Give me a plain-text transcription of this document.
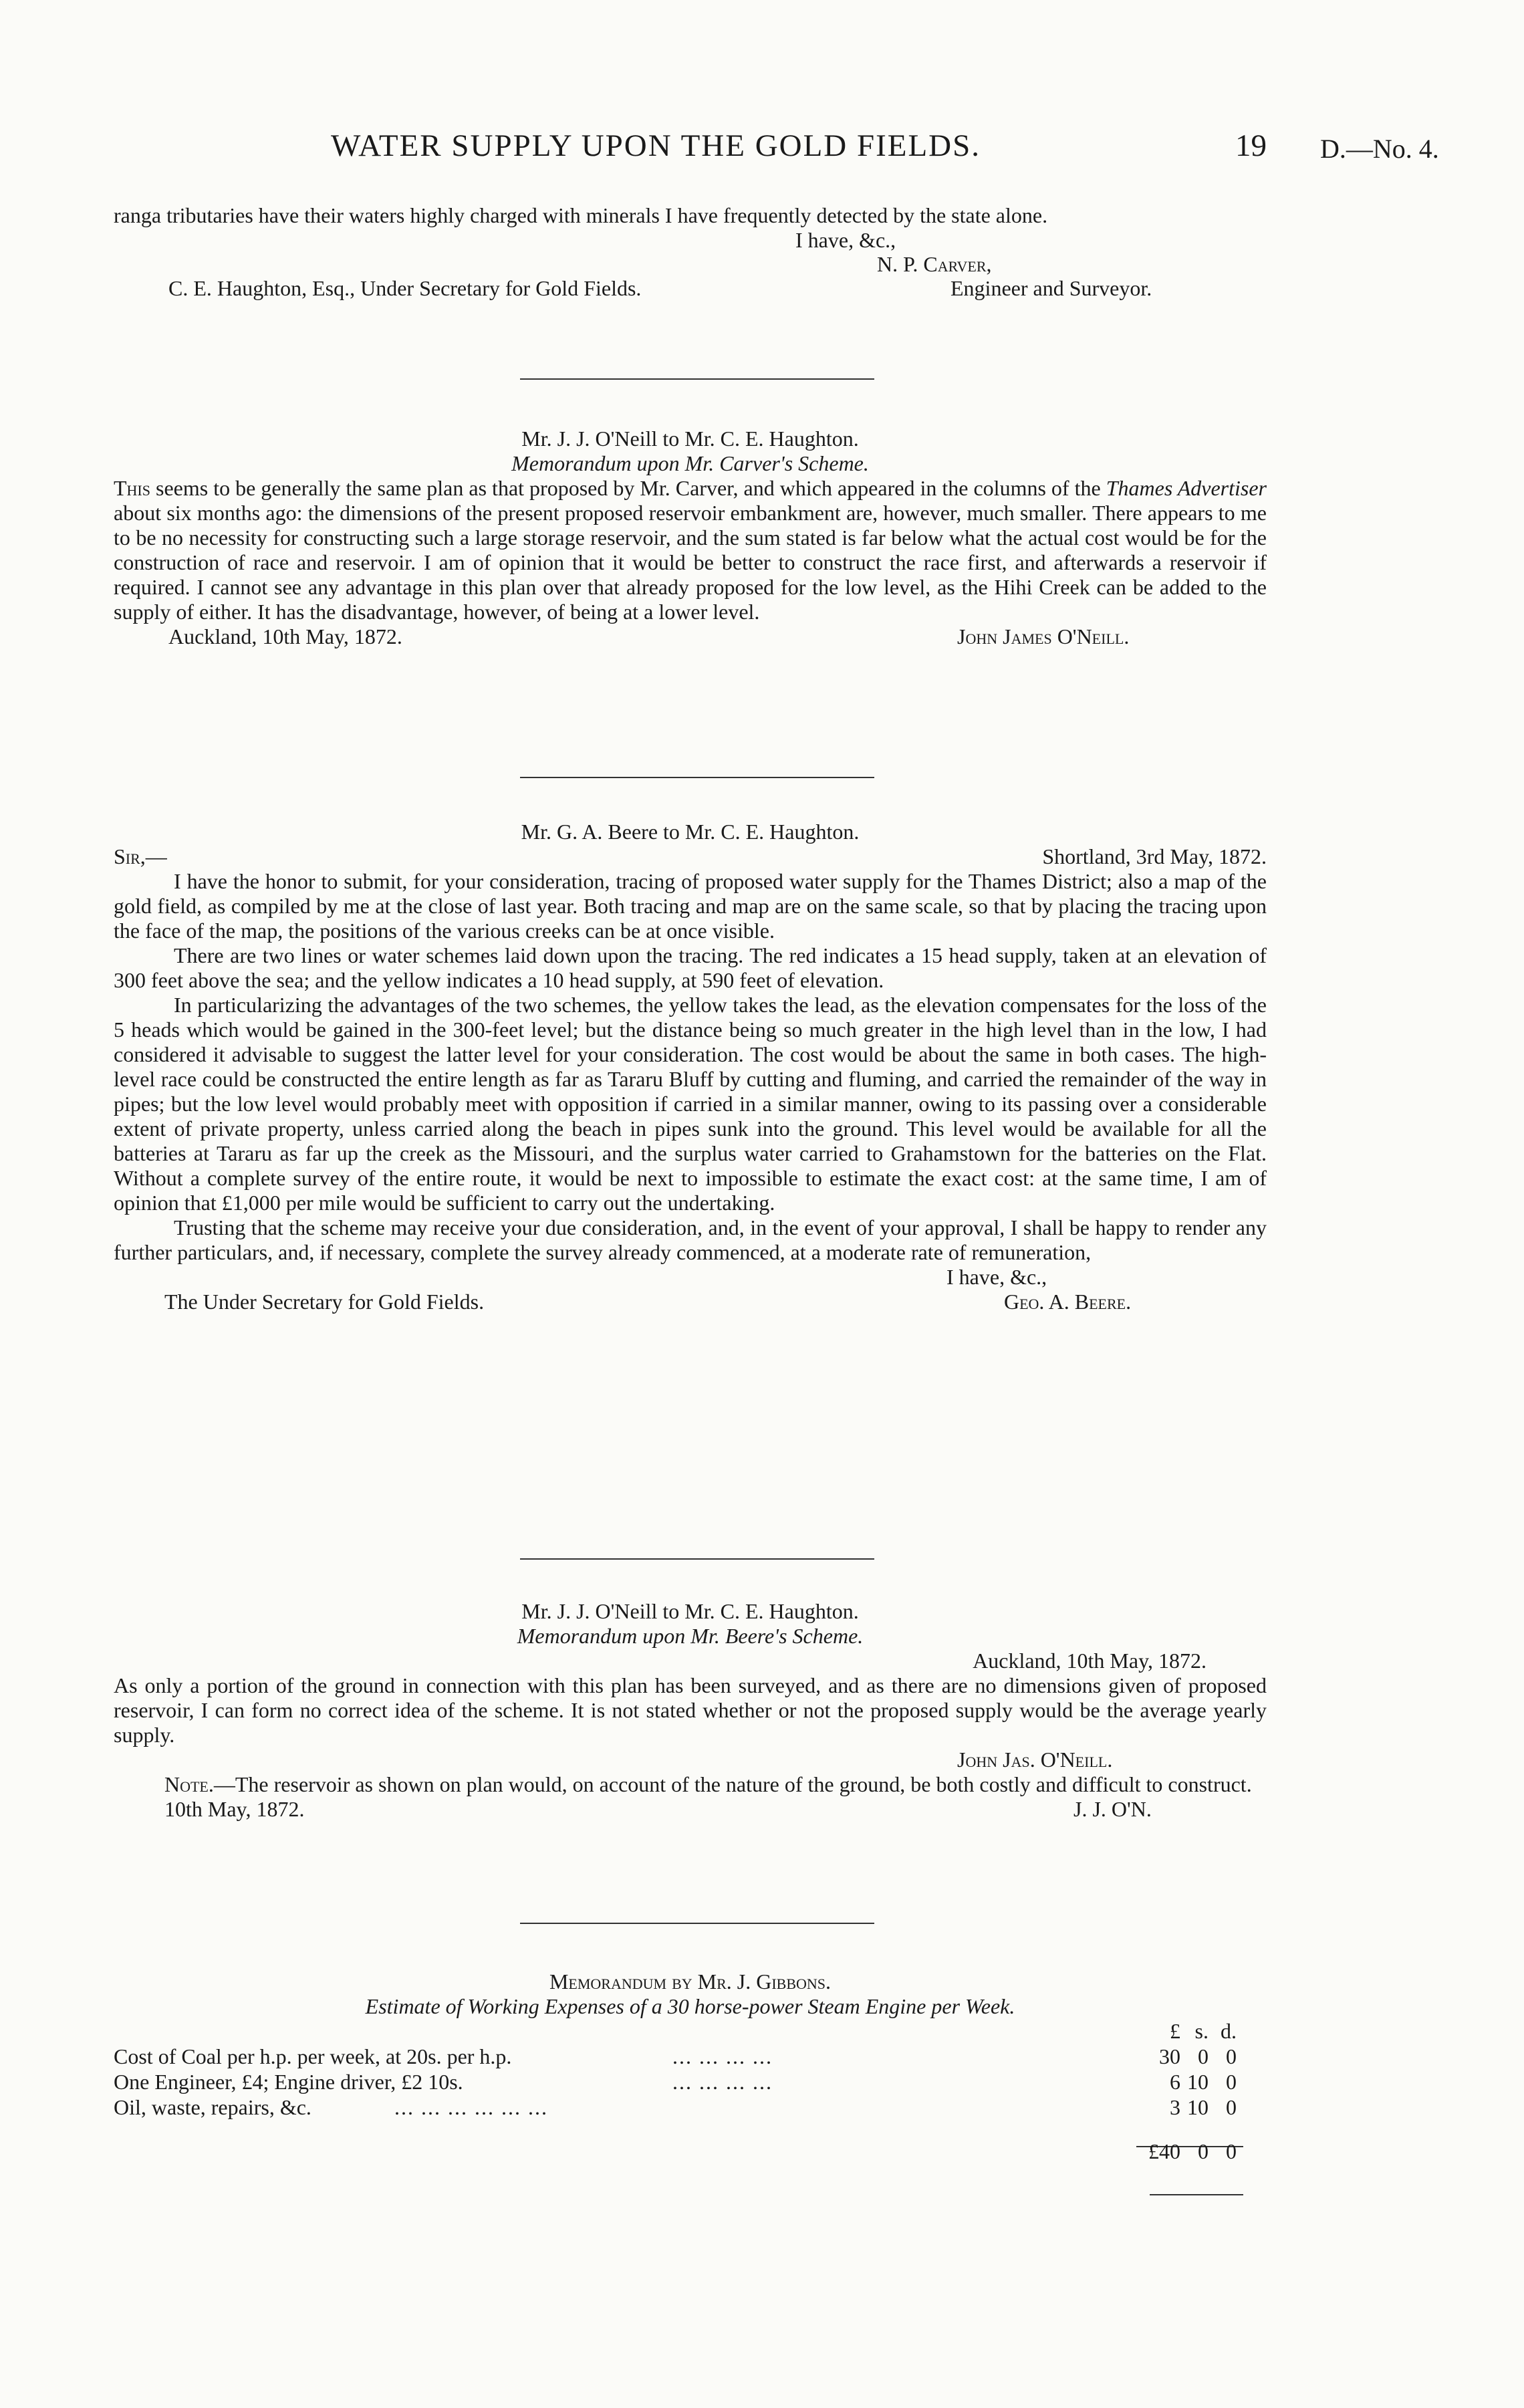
WATER SUPPLY UPON THE GOLD FIELDS.	19 D.—No. 4.

ranga tributaries have their waters highly charged with minerals I have frequently detected by the state alone.

I have, &c.,
N. P. Carver,
C. E. Haughton, Esq., Under Secretary for Gold Fields.	Engineer and Surveyor.
Mr. J. J. O'Neill to Mr. C. E. Haughton.
Memorandum upon Mr. Carver's Scheme.

This seems to be generally the same plan as that proposed by Mr. Carver, and which appeared in the columns of the Thames Advertiser about six months ago: the dimensions of the present proposed reservoir embankment are, however, much smaller. There appears to me to be no necessity for constructing such a large storage reservoir, and the sum stated is far below what the actual cost would be for the construction of race and reservoir. I am of opinion that it would be better to construct the race first, and afterwards a reservoir if required. I cannot see any advantage in this plan over that already proposed for the low level, as the Hihi Creek can be added to the supply of either. It has the disadvantage, however, of being at a lower level.

Auckland, 10th May, 1872.	John James O'Neill.
Mr. G. A. Beere to Mr. C. E. Haughton.
Sir,—	Shortland, 3rd May, 1872.

I have the honor to submit, for your consideration, tracing of proposed water supply for the Thames District; also a map of the gold field, as compiled by me at the close of last year. Both tracing and map are on the same scale, so that by placing the tracing upon the face of the map, the positions of the various creeks can be at once visible.

There are two lines or water schemes laid down upon the tracing. The red indicates a 15 head supply, taken at an elevation of 300 feet above the sea; and the yellow indicates a 10 head supply, at 590 feet of elevation.

In particularizing the advantages of the two schemes, the yellow takes the lead, as the elevation compensates for the loss of the 5 heads which would be gained in the 300-feet level; but the distance being so much greater in the high level than in the low, I had considered it advisable to suggest the latter level for your consideration. The cost would be about the same in both cases. The high-level race could be constructed the entire length as far as Tararu Bluff by cutting and fluming, and carried the remainder of the way in pipes; but the low level would probably meet with opposition if carried in a similar manner, owing to its passing over a considerable extent of private property, unless carried along the beach in pipes sunk into the ground. This level would be available for all the batteries at Tararu as far up the creek as the Missouri, and the surplus water carried to Grahamstown for the batteries on the Flat. Without a complete survey of the entire route, it would be next to impossible to estimate the exact cost: at the same time, I am of opinion that £1,000 per mile would be sufficient to carry out the undertaking.

Trusting that the scheme may receive your due consideration, and, in the event of your approval, I shall be happy to render any further particulars, and, if necessary, complete the survey already commenced, at a moderate rate of remuneration,

I have, &c.,
The Under Secretary for Gold Fields.	Geo. A. Beere.
Mr. J. J. O'Neill to Mr. C. E. Haughton.
Memorandum upon Mr. Beere's Scheme.
Auckland, 10th May, 1872.

As only a portion of the ground in connection with this plan has been surveyed, and as there are no dimensions given of proposed reservoir, I can form no correct idea of the scheme. It is not stated whether or not the proposed supply would be the average yearly supply.

John Jas. O'Neill.

Note.—The reservoir as shown on plan would, on account of the nature of the ground, be both costly and difficult to construct.

10th May, 1872.	J. J. O'N.
Memorandum by Mr. J. Gibbons.
Estimate of Working Expenses of a 30 horse-power Steam Engine per Week.
£ s. d.
Cost of Coal per h.p. per week, at 20s. per h.p.	... ... ... ...	30 0 0
One Engineer, £4; Engine driver, £2 10s.	... ... ... ...	6 10 0
Oil, waste, repairs, &c.	... ... ... ... ... ...	3 10 0
£40 0 0
